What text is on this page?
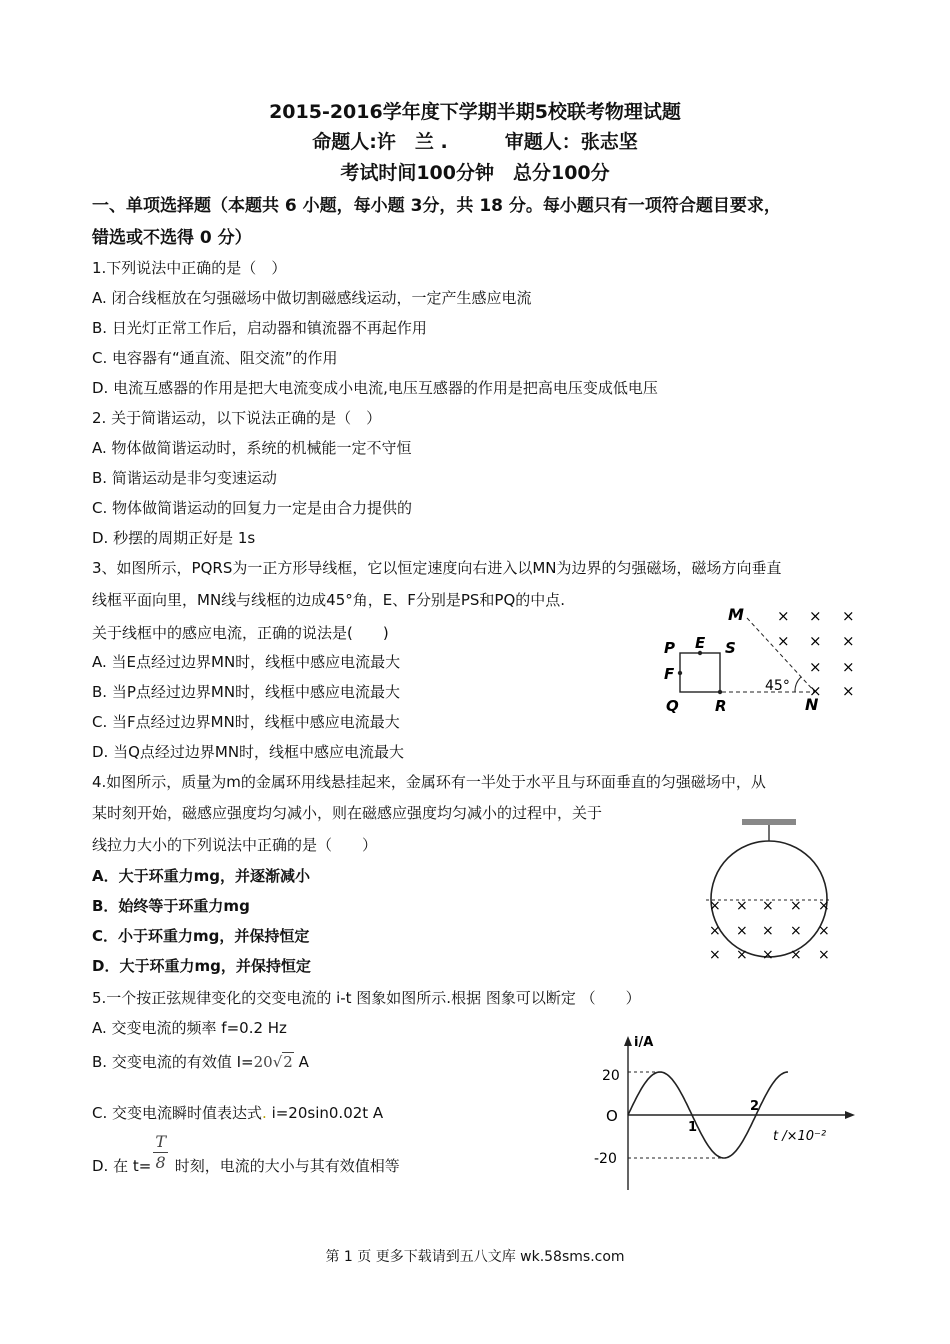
2015-2016学年度下学期半期5校联考物理试题
命题人:许　兰 .　　　审题人：张志坚
考试时间100分钟　总分100分
一、单项选择题（本题共 6 小题，每小题 3分，共 18 分。每小题只有一项符合题目要求，
错选或不选得 0 分）
1.下列说法中正确的是（　）
A. 闭合线框放在匀强磁场中做切割磁感线运动，一定产生感应电流
B. 日光灯正常工作后，启动器和镇流器不再起作用
C. 电容器有“通直流、阻交流”的作用
D. 电流互感器的作用是把大电流变成小电流,电压互感器的作用是把高电压变成低电压
2. 关于简谐运动，以下说法正确的是（　）
A. 物体做简谐运动时，系统的机械能一定不守恒
B. 简谐运动是非匀变速运动
C. 物体做简谐运动的回复力一定是由合力提供的
D. 秒摆的周期正好是 1s
3、如图所示，PQRS为一正方形导线框，它以恒定速度向右进入以MN为边界的匀强磁场，磁场方向垂直
线框平面向里，MN线与线框的边成45°角，E、F分别是PS和PQ的中点.
关于线框中的感应电流，正确的说法是(　　)
A. 当E点经过边界MN时，线框中感应电流最大
B. 当P点经过边界MN时，线框中感应电流最大
C. 当F点经过边界MN时，线框中感应电流最大
D. 当Q点经过边界MN时，线框中感应电流最大
M
N
P E S
F
Q R
45°
× × ×
× × ×
× ×
× ×
4.如图所示，质量为m的金属环用线悬挂起来，金属环有一半处于水平且与环面垂直的匀强磁场中，从
某时刻开始，磁感应强度均匀减小，则在磁感应强度均匀减小的过程中，关于
线拉力大小的下列说法中正确的是（　　）
A．大于环重力mg，并逐渐减小
B．始终等于环重力mg
C．小于环重力mg，并保持恒定
D．大于环重力mg，并保持恒定
× × × × ×
× × × × ×
× × × × ×
5.一个按正弦规律变化的交变电流的 i-t 图象如图所示.根据 图象可以断定 （　　）
A. 交变电流的频率 f=0.2 Hz
B. 交变电流的有效值 I=20√2 A
C. 交变电流瞬时值表达式. i=20sin0.02t A
D. 在 $t= \frac{T}{8}$ 时刻，电流的大小与其有效值相等
i/A
20
-20
O
1
2
t /×10⁻²
第 1 页 更多下载请到五八文库 wk.58sms.com
